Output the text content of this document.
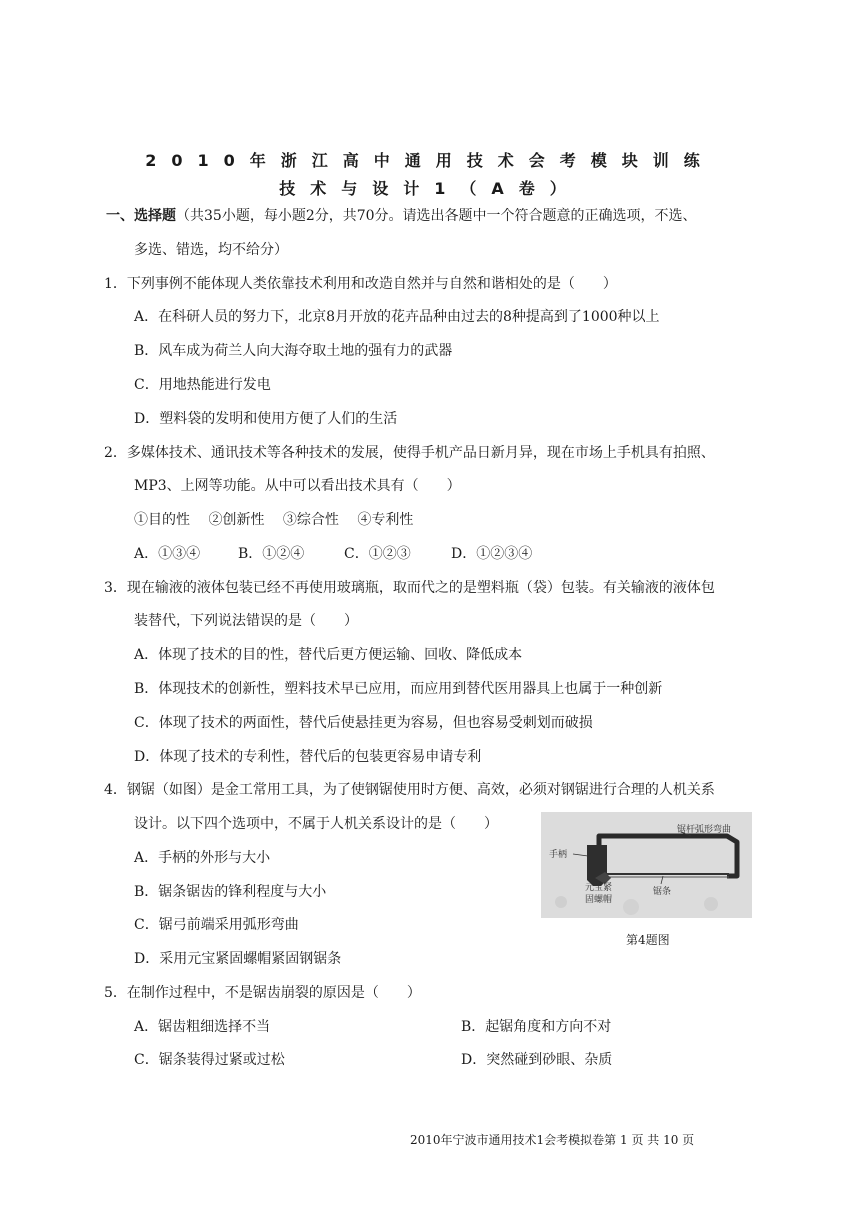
2010年浙江高中通用技术会考模块训练
技术与设计1（A卷）
一、选择题（共35小题，每小题2分，共70分。请选出各题中一个符合题意的正确选项，不选、
多选、错选，均不给分）
1．下列事例不能体现人类依靠技术利用和改造自然并与自然和谐相处的是（　　）
A．在科研人员的努力下，北京8月开放的花卉品种由过去的8种提高到了1000种以上
B．风车成为荷兰人向大海夺取土地的强有力的武器
C．用地热能进行发电
D．塑料袋的发明和使用方便了人们的生活
2．多媒体技术、通讯技术等各种技术的发展，使得手机产品日新月异，现在市场上手机具有拍照、
MP3、上网等功能。从中可以看出技术具有（　　）
①目的性　 ②创新性　 ③综合性　 ④专利性
A．①③④	B．①②④	C．①②③	D．①②③④
3．现在输液的液体包装已经不再使用玻璃瓶，取而代之的是塑料瓶（袋）包装。有关输液的液体包
装替代，下列说法错误的是（　　）
A．体现了技术的目的性，替代后更方便运输、回收、降低成本
B．体现技术的创新性，塑料技术早已应用，而应用到替代医用器具上也属于一种创新
C．体现了技术的两面性，替代后使悬挂更为容易，但也容易受刺划而破损
D．体现了技术的专利性，替代后的包装更容易申请专利
4．钢锯（如图）是金工常用工具，为了使钢锯使用时方便、高效，必须对钢锯进行合理的人机关系
设计。以下四个选项中，不属于人机关系设计的是（　　）
A．手柄的外形与大小
B．锯条锯齿的锋利程度与大小
C．锯弓前端采用弧形弯曲
D．采用元宝紧固螺帽紧固钢锯条
手柄
锯杆弧形弯曲
元宝紧
固螺帽
锯条
第4题图
5．在制作过程中，不是锯齿崩裂的原因是（　　）
A．锯齿粗细选择不当	B．起锯角度和方向不对
C．锯条装得过紧或过松	D．突然碰到砂眼、杂质
2010年宁波市通用技术1会考模拟卷第 1 页 共 10 页
